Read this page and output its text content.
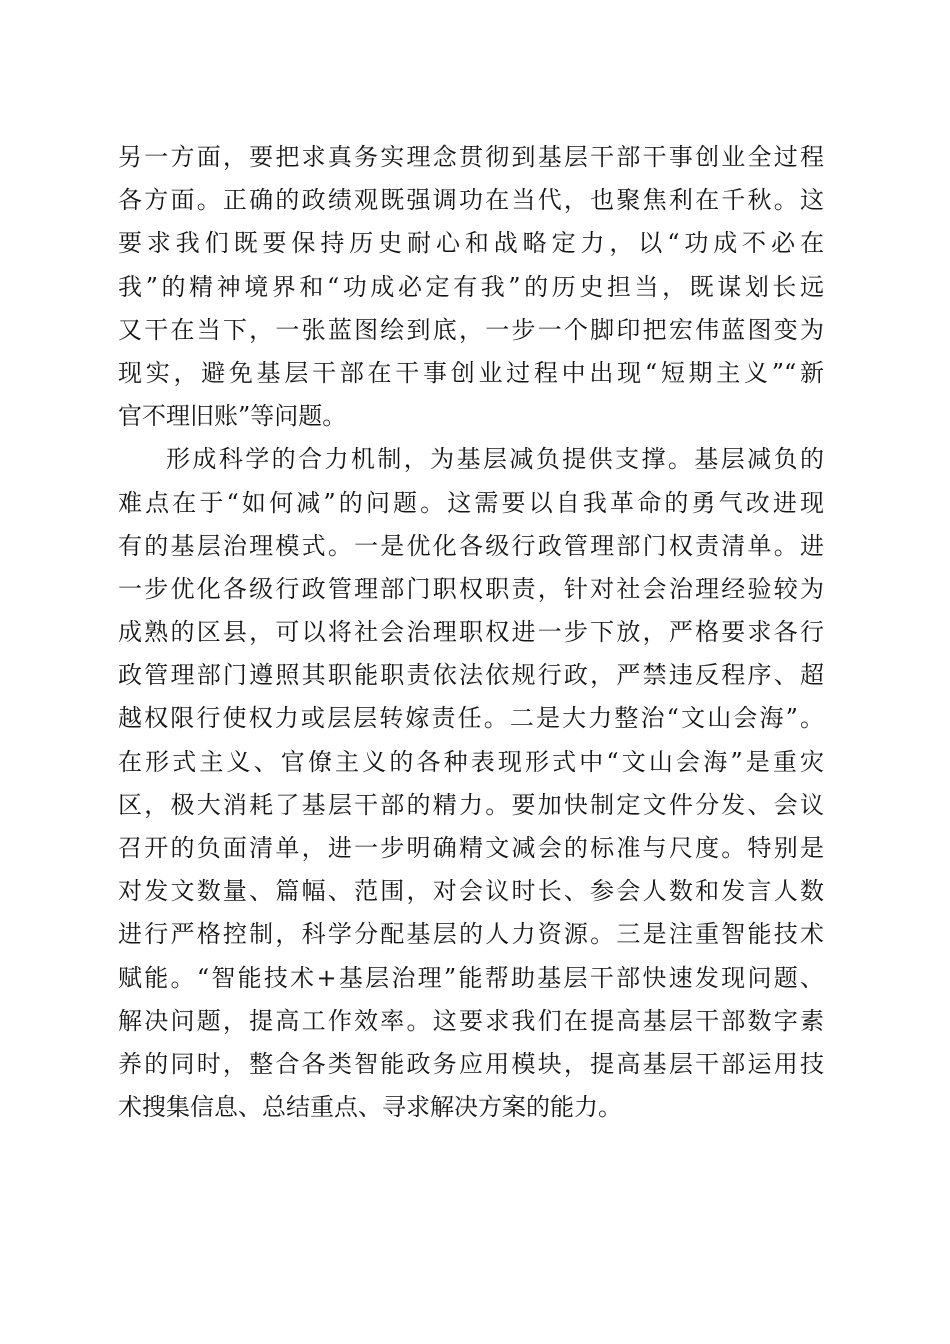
另一方面，要把求真务实理念贯彻到基层干部干事创业全过程
各方面。正确的政绩观既强调功在当代，也聚焦利在千秋。这
要求我们既要保持历史耐心和战略定力，以“功成不必在
我”的精神境界和“功成必定有我”的历史担当，既谋划长远
又干在当下，一张蓝图绘到底，一步一个脚印把宏伟蓝图变为
现实，避免基层干部在干事创业过程中出现“短期主义”“新
官不理旧账”等问题。
形成科学的合力机制，为基层减负提供支撑。基层减负的
难点在于“如何减”的问题。这需要以自我革命的勇气改进现
有的基层治理模式。一是优化各级行政管理部门权责清单。进
一步优化各级行政管理部门职权职责，针对社会治理经验较为
成熟的区县，可以将社会治理职权进一步下放，严格要求各行
政管理部门遵照其职能职责依法依规行政，严禁违反程序、超
越权限行使权力或层层转嫁责任。二是大力整治“文山会海”。
在形式主义、官僚主义的各种表现形式中“文山会海”是重灾
区，极大消耗了基层干部的精力。要加快制定文件分发、会议
召开的负面清单，进一步明确精文减会的标准与尺度。特别是
对发文数量、篇幅、范围，对会议时长、参会人数和发言人数
进行严格控制，科学分配基层的人力资源。三是注重智能技术
赋能。“智能技术+基层治理”能帮助基层干部快速发现问题、
解决问题，提高工作效率。这要求我们在提高基层干部数字素
养的同时，整合各类智能政务应用模块，提高基层干部运用技
术搜集信息、总结重点、寻求解决方案的能力。
